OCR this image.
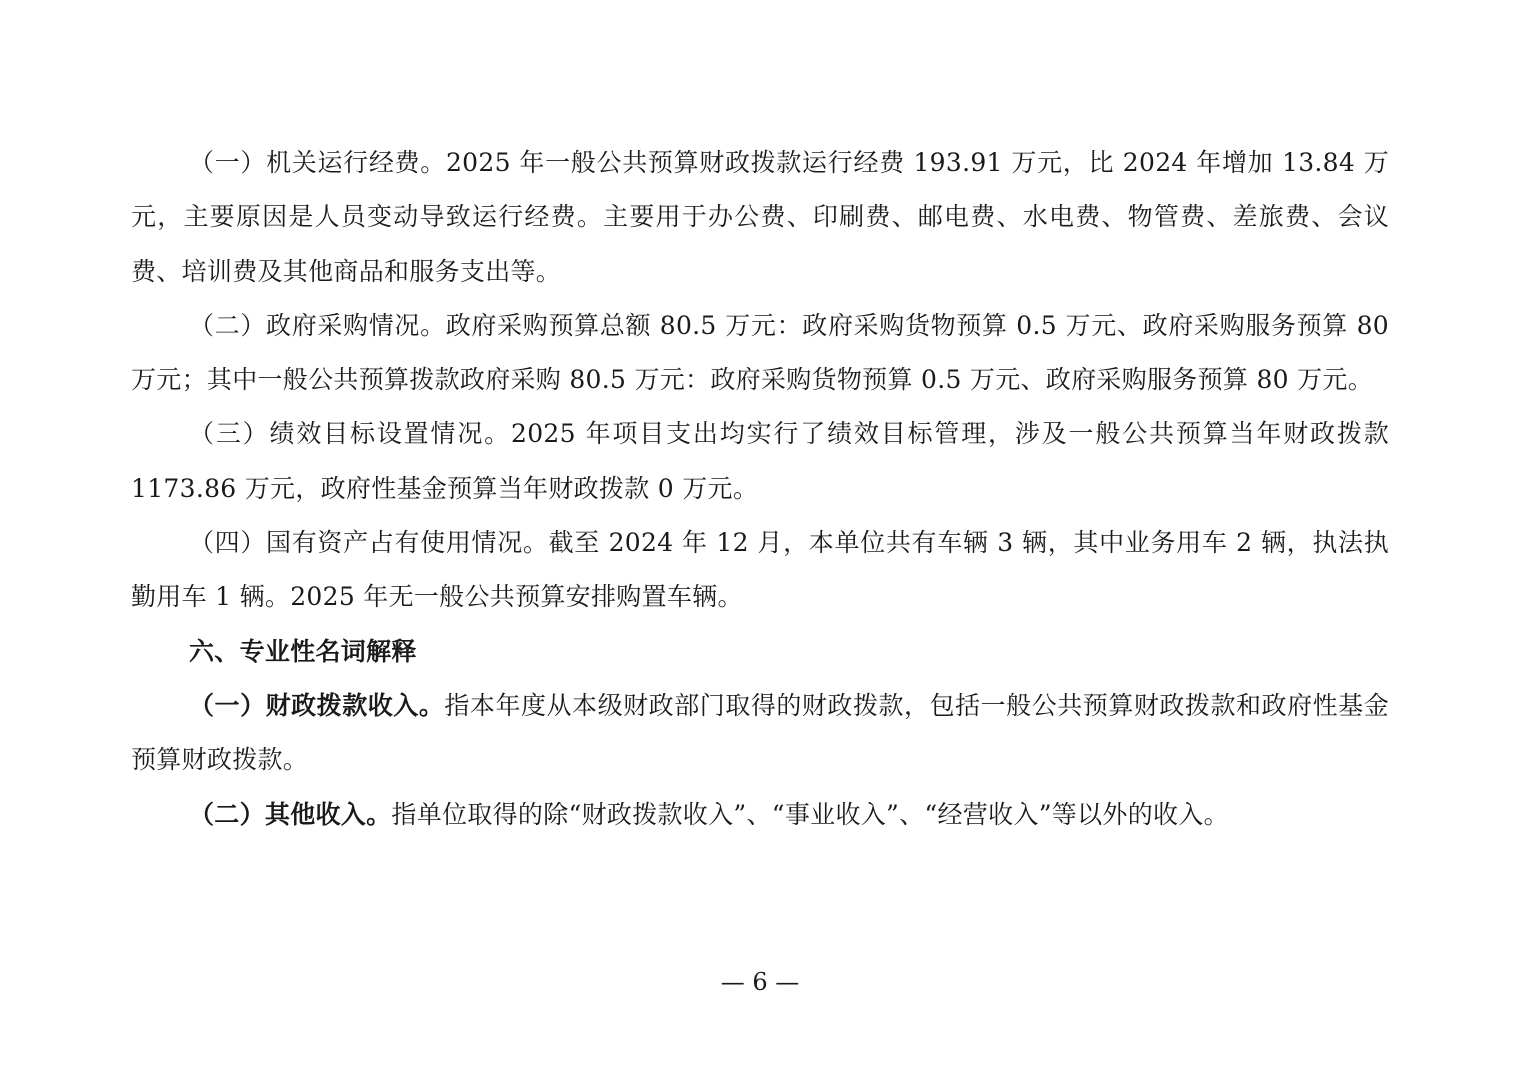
（一）机关运行经费。2025 年一般公共预算财政拨款运行经费 193.91 万元，比 2024 年增加 13.84 万元，主要原因是人员变动导致运行经费。主要用于办公费、印刷费、邮电费、水电费、物管费、差旅费、会议费、培训费及其他商品和服务支出等。

（二）政府采购情况。政府采购预算总额 80.5 万元：政府采购货物预算 0.5 万元、政府采购服务预算 80 万元；其中一般公共预算拨款政府采购 80.5 万元：政府采购货物预算 0.5 万元、政府采购服务预算 80 万元。

（三）绩效目标设置情况。2025 年项目支出均实行了绩效目标管理，涉及一般公共预算当年财政拨款 1173.86 万元，政府性基金预算当年财政拨款 0 万元。

（四）国有资产占有使用情况。截至 2024 年 12 月，本单位共有车辆 3 辆，其中业务用车 2 辆，执法执勤用车 1 辆。2025 年无一般公共预算安排购置车辆。

六、专业性名词解释

（一）财政拨款收入。指本年度从本级财政部门取得的财政拨款，包括一般公共预算财政拨款和政府性基金预算财政拨款。

（二）其他收入。指单位取得的除“财政拨款收入”、“事业收入”、“经营收入”等以外的收入。

— 6 —
